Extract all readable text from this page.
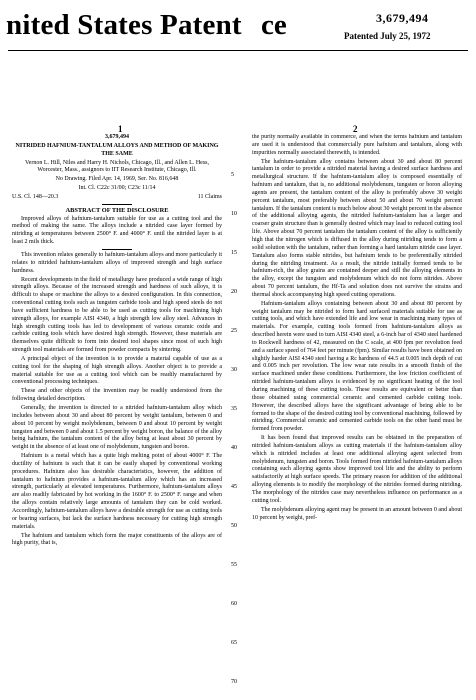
nited States Patent ce	3,679,494
Patented July 25, 1972
1	2

3,679,494

NITRIDED HAFNIUM-TANTALUM ALLOYS AND METHOD OF MAKING THE SAME

Vernon L. Hill, Niles and Harry H. Nichols, Chicago, Ill., and Allen L. Hess, Worcester, Mass., assignors to IIT Research Institute, Chicago, Ill.

No Drawing. Filed Apr. 14, 1969, Ser. No. 816,648

Int. Cl. C22c 31/00; C23c 11/14

U.S. Cl. 148—20.3	11 Claims

ABSTRACT OF THE DISCLOSURE

Improved alloys of hafnium-tantalum suitable for use as a cutting tool and the method of making the same. The alloys include a nitrided case layer formed by nitriding at temperatures between 2500° F. and 4000° F. until the nitrided layer is at least 2 mils thick.

This invention relates generally to hafnium-tantalum alloys and more particularly it relates to nitrided hafnium-tantalum alloys of improved strength and high surface hardness.

Recent developments in the field of metallurgy have produced a wide range of high strength alloys. Because of the increased strength and hardness of such alloys, it is difficult to shape or machine the alloys to a desired configuration. In this connection, conventional cutting tools such as tungsten carbide tools and high speed steels do not have sufficient hardness to be able to be used as cutting tools for machining high strength alloys, for example AISI 4340, a high strength low alloy steel. Advances in high strength cutting tools has led to development of various ceramic oxide and carbide cutting tools which have desired high strength. However, these materials are themselves quite difficult to form into desired tool shapes since most of such high strength tool materials are formed from powder compacts by sintering.

A principal object of the invention is to provide a material capable of use as a cutting tool for the shaping of high strength alloys. Another object is to provide a material suitable for use as a cutting tool which can be readily manufactured by conventional processing techniques.

These and other objects of the invention may be readily understood from the following detailed description.

Generally, the invention is directed to a nitrided hafnium-tantalum alloy which includes between about 30 and about 80 percent by weight tantalum, between 0 and about 10 percent by weight molybdenum, between 0 and about 10 percent by weight tungsten and between 0 and about 1.5 percent by weight boron, the balance of the alloy being hafnium, the tantalum content of the alloy being at least about 30 percent by weight in the absence of at least one of molybdenum, tungsten and boron.

Hafnium is a metal which has a quite high melting point of about 4000° F. The ductility of hafnium is such that it can be easily shaped by conventional working procedures. Hafnium also has desirable characteristics, however, the addition of tantalum to hafnium provides a hafnium-tantalum alloy which has an increased strength, particularly at elevated temperatures. Furthermore, hafnium-tantalum alloys are also readily fabricated by hot working in the 1600° F. to 2500° F. range and when the alloys contain relatively large amounts of tantalum they can be cold worked. Accordingly, hafnium-tantalum alloys have a desirable strength for use as cutting tools or bearing surfaces, but lack the surface hardness necessary for cutting high strength materials.

The hafnium and tantalum which form the major constituents of the alloys are of high purity, that is,

5
10
15
20
25
30
35
40
45
50
55
60
65
70

the purity normally available in commerce, and when the terms hafnium and tantalum are used it is understood that commercially pure hafnium and tantalum, along with impurities normally associated therewith, is intended.

The hafnium-tantalum alloy contains between about 30 and about 80 percent tantalum in order to provide a nitrided material having a desired surface hardness and metallurgical structure. If the hafnium-tantalum alloy is composed essentially of hafnium and tantalum, that is, no additional molybdenum, tungsten or boron alloying agents are present, the tantalum content of the alloy is preferably above 30 weight percent tantalum, most preferably between about 50 and about 70 weight percent tantalum. If the tantalum content is much below about 30 weight percent in the absence of the additional alloying agents, the nitrided hafnium-tantalum has a larger and coarser grain structure than is generally desired which may lead to reduced cutting tool life. Above about 70 percent tantalum the tantalum content of the alloy is sufficiently high that the nitrogen which is diffused in the alloy during nitriding tends to form a solid solution with the tantalum, rather than forming a hard tantalum nitride case layer. Tantalum also forms stable nitrides, but hafnium tends to be preferentially nitrided during the nitriding treatment. As a result, the nitride initially formed tends to be hafnium-rich, the alloy grains are contained deeper and still the alloying elements in the alloy, except the tungsten and molybdenum which do not form nitrides. Above about 70 percent tantalum, the Hf-Ta and solution does not survive the strains and thermal shock accompanying high speed cutting operations.

Hafnium-tantalum alloys containing between about 30 and about 80 percent by weight tantalum may be nitrided to form hard surfaced materials suitable for use as cutting tools, and which have extended life and low wear in machining many types of materials. For example, cutting tools formed from hafnium-tantalum alloys as described herein were used to turn AISI 4340 steel, a 6-inch bar of 4340 steel hardened to Rockwell hardness of 42, measured on the C scale, at 400 fpm per revolution feed and a surface speed of 764 feet per minute (fpm). Similar results have been obtained on slightly harder AISI 4340 steel having a Rc hardness of 44.5 at 0.005 inch depth of cut and 0.005 inch per revolution. The low wear rate results in a smooth finish of the surface machined under these conditions. Furthermore, the low friction coefficient of nitrided hafnium-tantalum alloys is evidenced by no significant heating of the tool during machining of these cutting tools. These results are equivalent or better than those obtained using commercial ceramic and cemented carbide cutting tools. However, the described alloys have the significant advantage of being able to be formed to the shape of the desired cutting tool by conventional machining, followed by nitriding. Commercial ceramic and cemented carbide tools on the other hand must be formed from powder.

It has been found that improved results can be obtained in the preparation of nitrided hafnium-tantalum alloys as cutting materials if the hafnium-tantalum alloy which is nitrided includes at least one additional alloying agent selected from molybdenum, tungsten and boron. Tools formed from nitrided hafnium-tantalum alloys containing such alloying agents show improved tool life and the ability to perform satisfactorily at high surface speeds. The primary reason for addition of the additional alloying elements is to modify the morphology of the nitrides formed during nitriding. The morphology of the nitrides case may nevertheless influence on performance as a cutting tool.

The molybdenum alloying agent may be present in an amount between 0 and about 10 percent by weight, pref-
